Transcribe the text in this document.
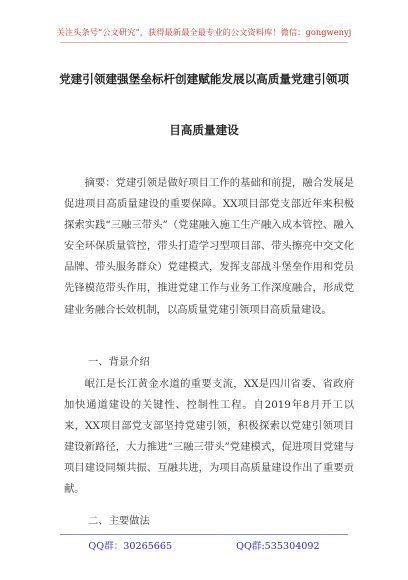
关注头条号“公文研究”，获得最新最全最专业的公文资料库！微信：gongwenyj
党建引领建强堡垒标杆创建赋能发展以高质量党建引领项
目高质量建设
摘要：党建引领是做好项目工作的基础和前提，融合发展是促进项目高质量建设的重要保障。XX项目部党支部近年来积极探索实践“三融三带头”（党建融入施工生产融入成本管控、融入安全环保质量管控，带头打造学习型项目部、带头擦亮中交文化品牌、带头服务群众）党建模式，发挥支部战斗堡垒作用和党员先锋模范带头作用，推进党建工作与业务工作深度融合，形成党建业务融合长效机制，以高质量党建引领项目高质量建设。
一、背景介绍
岷江是长江黄金水道的重要支流，XX是四川省委、省政府加快通道建设的关键性、控制性工程。自2019年8月开工以来，XX项目部党支部坚持党建引领，积极探索以党建引领项目建设新路径，大力推进“三融三带头”党建模式，促进项目党建与项目建设同频共振、互融共进，为项目高质量建设作出了重要贡献。
二、主要做法
QQ群：30265665	QQ群:535304092
